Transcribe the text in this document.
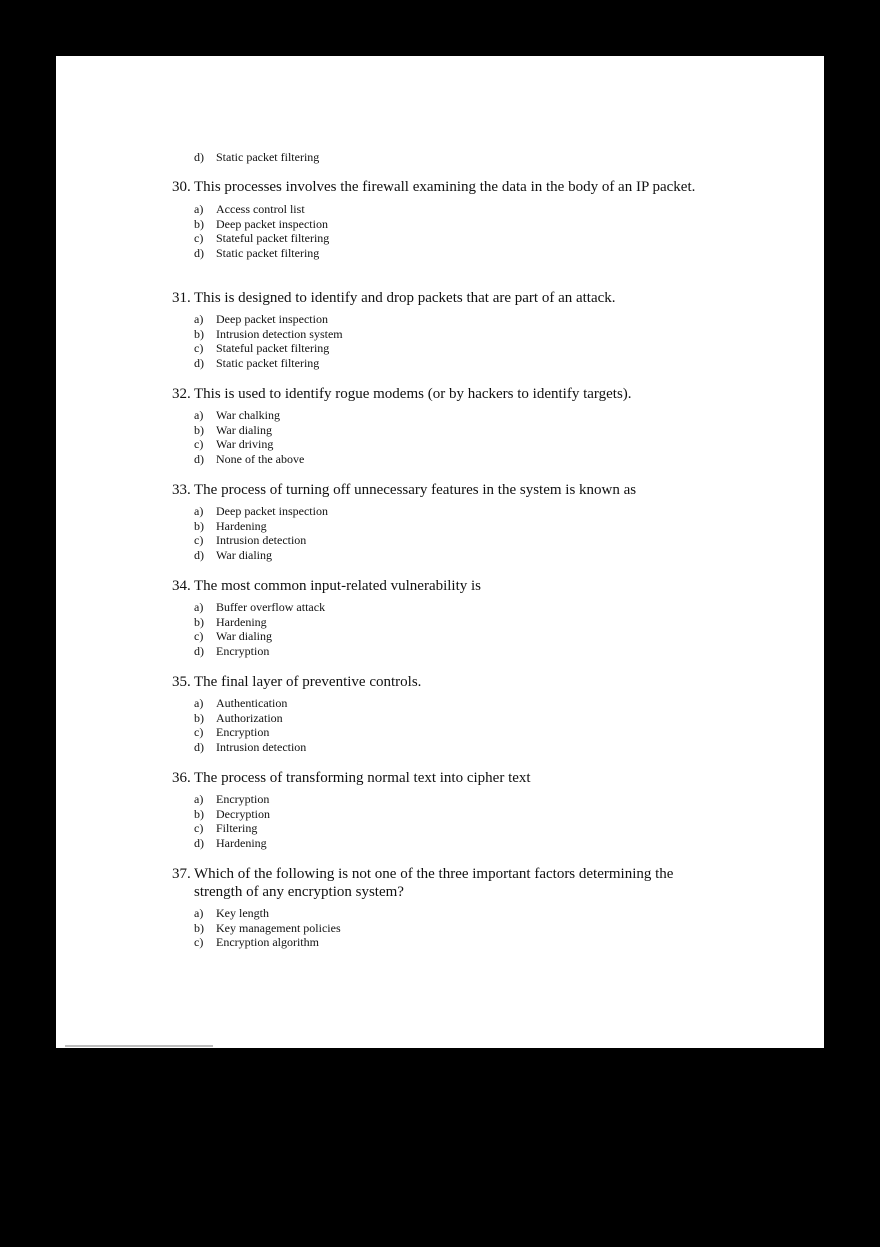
d)	Static packet filtering
30. This processes involves the firewall examining the data in the body of an IP packet.
a)	Access control list
b)	Deep packet inspection
c)	Stateful packet filtering
d)	Static packet filtering
31. This is designed to identify and drop packets that are part of an attack.
a)	Deep packet inspection
b)	Intrusion detection system
c)	Stateful packet filtering
d)	Static packet filtering
32. This is used to identify rogue modems (or by hackers to identify targets).
a)	War chalking
b)	War dialing
c)	War driving
d)	None of the above
33. The process of turning off unnecessary features in the system is known as
a)	Deep packet inspection
b)	Hardening
c)	Intrusion detection
d)	War dialing
34. The most common input-related vulnerability is
a)	Buffer overflow attack
b)	Hardening
c)	War dialing
d)	Encryption
35. The final layer of preventive controls.
a)	Authentication
b)	Authorization
c)	Encryption
d)	Intrusion detection
36. The process of transforming normal text into cipher text
a)	Encryption
b)	Decryption
c)	Filtering
d)	Hardening
37. Which of the following is not one of the three important factors determining the strength of any encryption system?
a)	Key length
b)	Key management policies
c)	Encryption algorithm
